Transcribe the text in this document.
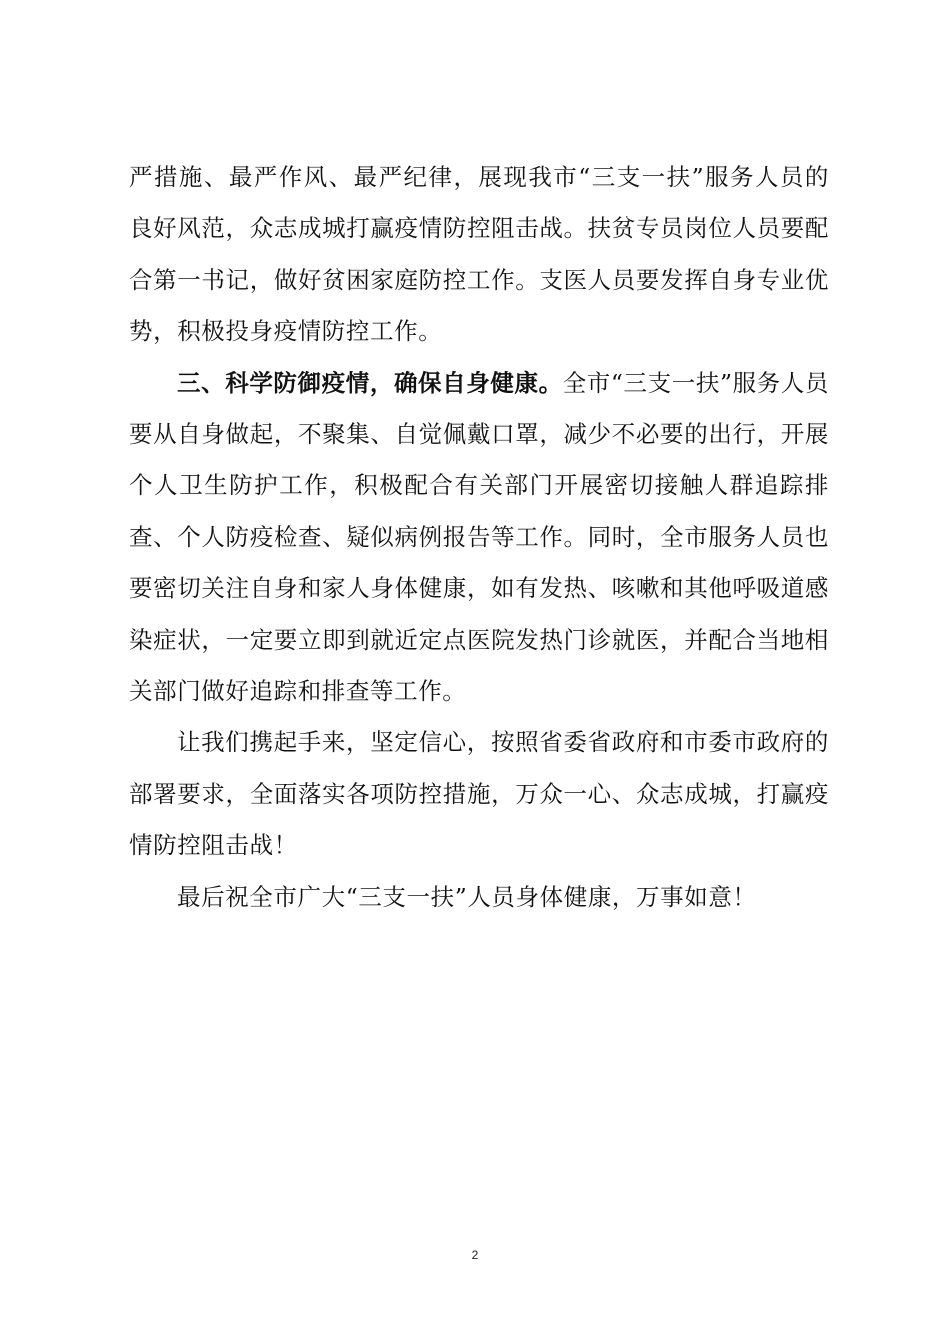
严措施、最严作风、最严纪律，展现我市“三支一扶”服务人员的良好风范，众志成城打赢疫情防控阻击战。扶贫专员岗位人员要配合第一书记，做好贫困家庭防控工作。支医人员要发挥自身专业优势，积极投身疫情防控工作。

三、科学防御疫情，确保自身健康。全市“三支一扶”服务人员要从自身做起，不聚集、自觉佩戴口罩，减少不必要的出行，开展个人卫生防护工作，积极配合有关部门开展密切接触人群追踪排查、个人防疫检查、疑似病例报告等工作。同时，全市服务人员也要密切关注自身和家人身体健康，如有发热、咳嗽和其他呼吸道感染症状，一定要立即到就近定点医院发热门诊就医，并配合当地相关部门做好追踪和排查等工作。

让我们携起手来，坚定信心，按照省委省政府和市委市政府的部署要求，全面落实各项防控措施，万众一心、众志成城，打赢疫情防控阻击战！

最后祝全市广大“三支一扶”人员身体健康，万事如意！

2
